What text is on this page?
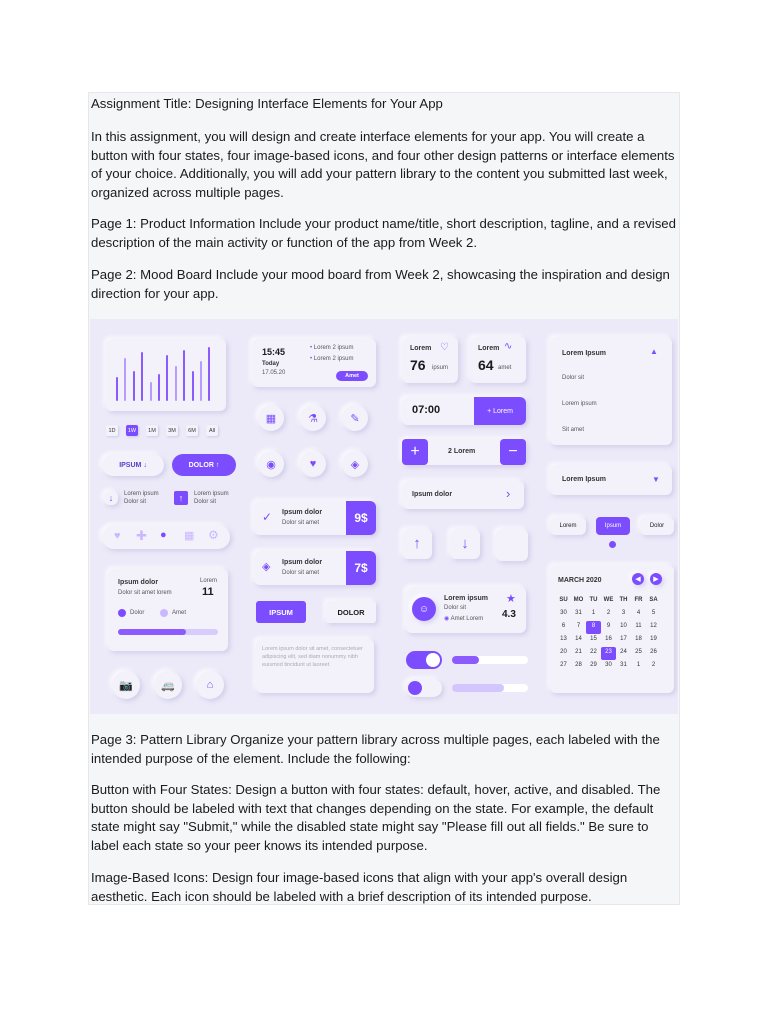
Assignment Title: Designing Interface Elements for Your App

In this assignment, you will design and create interface elements for your app. You will create a button with four states, four image-based icons, and four other design patterns or interface elements of your choice. Additionally, you will add your pattern library to the content you submitted last week, organized across multiple pages.

Page 1: Product Information Include your product name/title, short description, tagline, and a revised description of the main activity or function of the app from Week 2.

Page 2: Mood Board Include your mood board from Week 2, showcasing the inspiration and design direction for your app.

1D	1W	1M	3M	6M	All
IPSUM
↓	DOLOR
↑
↓	Lorem ipsum
Dolor sit	↑	Lorem ipsum
Dolor sit
♥ ✚ ● ▦ ⚙
Ipsum dolor
Dolor sit amet lorem
Lorem
11
Dolor	Amet
📷	🚐	⌂
15:45
Today
17.05.20
• Lorem 2 ipsum
• Lorem 2 ipsum
Amet
▦	⚗	✎
◉	♥	◈
✓ Ipsum dolor
Dolor sit amet	9$
◈ Ipsum dolor
Dolor sit amet	7$
IPSUM	DOLOR
Lorem ipsum dolor sit amet, consectetuer adipiscing elit, sed diam nonummy nibh euismod tincidunt ut laoreet
Lorem ♡
76 ipsum
Lorem ∿
64 amet
07:00	+ Lorem
+	2 Lorem	−
Ipsum dolor	›
↑	↓
☺
Lorem ipsum
Dolor sit
◉ Amet Lorem
★
4.3
Lorem Ipsum	▲
Dolor sit
Lorem ipsum
Sit amet
Lorem Ipsum	▼
Lorem	Ipsum	Dolor
MARCH 2020	◀	▶
SU MO	TU	WE	TH	FR	SA
30	31	1	2	3	4	5
6	7	8	9	10	11	12
13	14	15	16	17	18	19
20	21	22	23	24	25	26
27	28	29	30	31	1	2

Page 3: Pattern Library Organize your pattern library across multiple pages, each labeled with the intended purpose of the element. Include the following:

Button with Four States: Design a button with four states: default, hover, active, and disabled. The button should be labeled with text that changes depending on the state. For example, the default state might say "Submit," while the disabled state might say "Please fill out all fields." Be sure to label each state so your peer knows its intended purpose.

Image-Based Icons: Design four image-based icons that align with your app's overall design aesthetic. Each icon should be labeled with a brief description of its intended purpose.
